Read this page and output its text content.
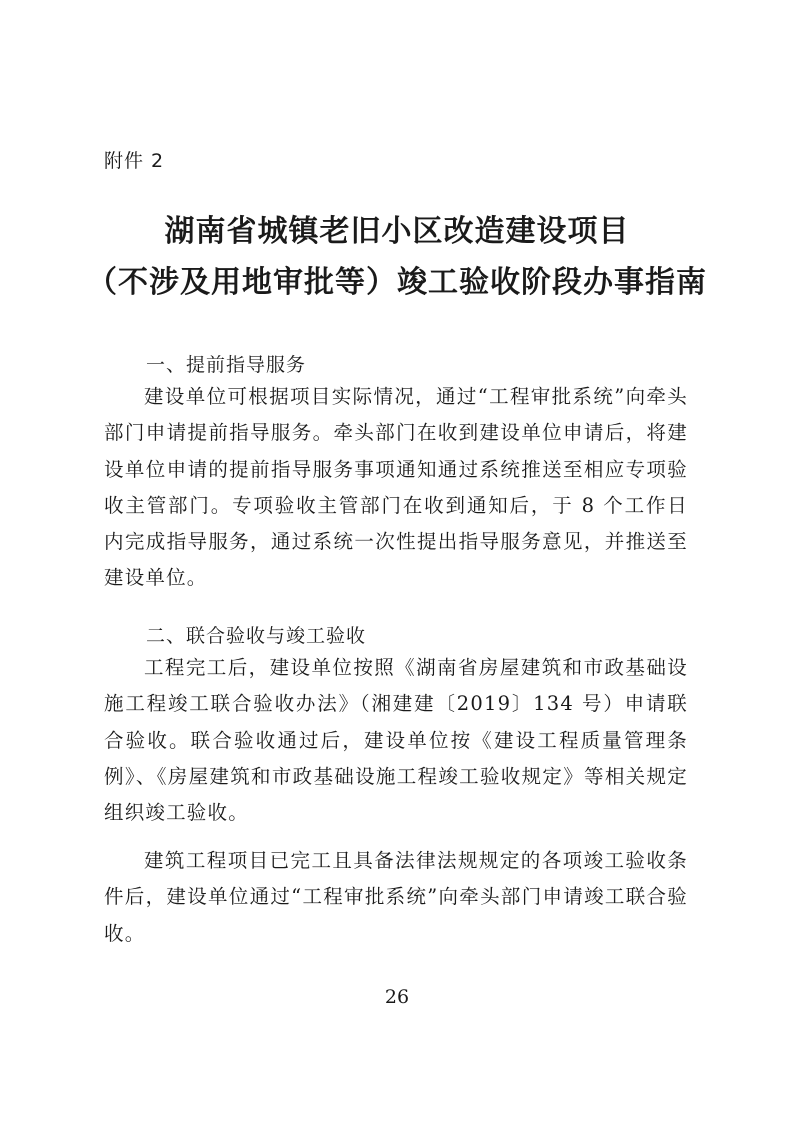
附件 2
湖南省城镇老旧小区改造建设项目
（不涉及用地审批等）竣工验收阶段办事指南
一、提前指导服务
建设单位可根据项目实际情况，通过“工程审批系统”向牵头部门申请提前指导服务。牵头部门在收到建设单位申请后，将建设单位申请的提前指导服务事项通知通过系统推送至相应专项验收主管部门。专项验收主管部门在收到通知后，于 8 个工作日内完成指导服务，通过系统一次性提出指导服务意见，并推送至建设单位。
二、联合验收与竣工验收
工程完工后，建设单位按照《湖南省房屋建筑和市政基础设施工程竣工联合验收办法》（湘建建〔2019〕134 号）申请联合验收。联合验收通过后，建设单位按《建设工程质量管理条例》、《房屋建筑和市政基础设施工程竣工验收规定》等相关规定组织竣工验收。
建筑工程项目已完工且具备法律法规规定的各项竣工验收条件后，建设单位通过“工程审批系统”向牵头部门申请竣工联合验收。
26
